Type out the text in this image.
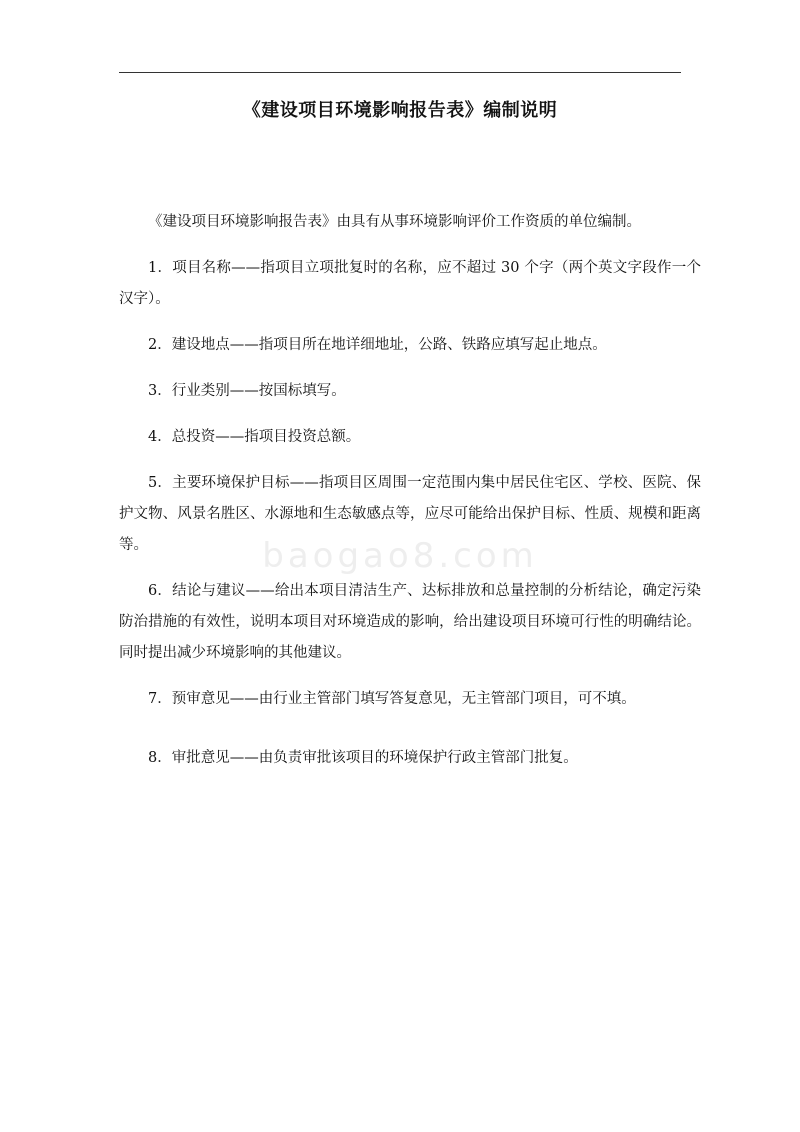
《建设项目环境影响报告表》编制说明
baogao8.com

《建设项目环境影响报告表》由具有从事环境影响评价工作资质的单位编制。

1．项目名称——指项目立项批复时的名称，应不超过 30 个字（两个英文字段作一个汉字）。

2．建设地点——指项目所在地详细地址，公路、铁路应填写起止地点。

3．行业类别——按国标填写。

4．总投资——指项目投资总额。

5．主要环境保护目标——指项目区周围一定范围内集中居民住宅区、学校、医院、保护文物、风景名胜区、水源地和生态敏感点等，应尽可能给出保护目标、性质、规模和距离等。

6．结论与建议——给出本项目清洁生产、达标排放和总量控制的分析结论，确定污染防治措施的有效性，说明本项目对环境造成的影响，给出建设项目环境可行性的明确结论。同时提出减少环境影响的其他建议。

7．预审意见——由行业主管部门填写答复意见，无主管部门项目，可不填。

8．审批意见——由负责审批该项目的环境保护行政主管部门批复。
